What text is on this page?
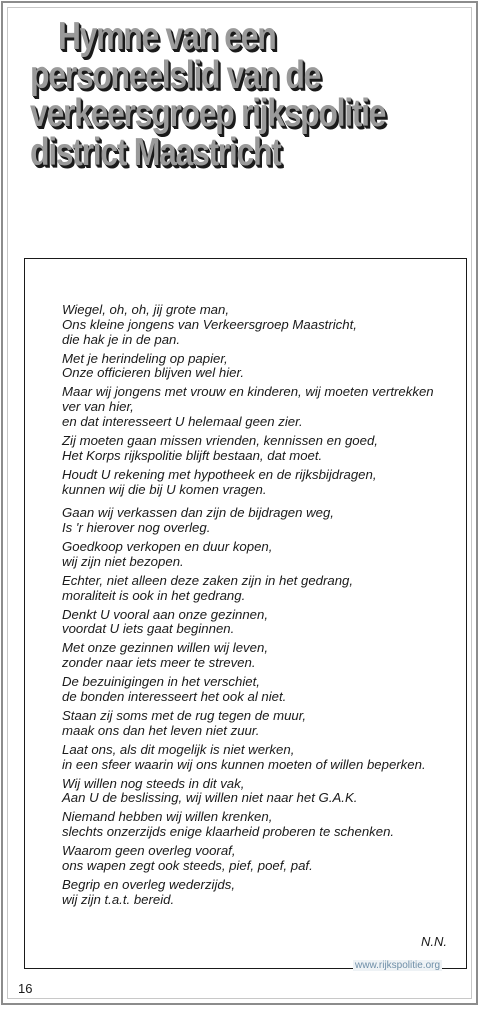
Hymne van een
personeelslid van de
verkeersgroep rijkspolitie
district Maastricht

Wiegel, oh, oh, jij grote man,
Ons kleine jongens van Verkeersgroep Maastricht,
die hak je in de pan.

Met je herindeling op papier,
Onze officieren blijven wel hier.

Maar wij jongens met vrouw en kinderen, wij moeten vertrekken
ver van hier,
en dat interesseert U helemaal geen zier.

Zij moeten gaan missen vrienden, kennissen en goed,
Het Korps rijkspolitie blijft bestaan, dat moet.

Houdt U rekening met hypotheek en de rijksbijdragen,
kunnen wij die bij U komen vragen.

Gaan wij verkassen dan zijn de bijdragen weg,
Is 'r hierover nog overleg.

Goedkoop verkopen en duur kopen,
wij zijn niet bezopen.

Echter, niet alleen deze zaken zijn in het gedrang,
moraliteit is ook in het gedrang.

Denkt U vooral aan onze gezinnen,
voordat U iets gaat beginnen.

Met onze gezinnen willen wij leven,
zonder naar iets meer te streven.

De bezuinigingen in het verschiet,
de bonden interesseert het ook al niet.

Staan zij soms met de rug tegen de muur,
maak ons dan het leven niet zuur.

Laat ons, als dit mogelijk is niet werken,
in een sfeer waarin wij ons kunnen moeten of willen beperken.

Wij willen nog steeds in dit vak,
Aan U de beslissing, wij willen niet naar het G.A.K.

Niemand hebben wij willen krenken,
slechts onzerzijds enige klaarheid proberen te schenken.

Waarom geen overleg vooraf,
ons wapen zegt ook steeds, pief, poef, paf.

Begrip en overleg wederzijds,
wij zijn t.a.t. bereid.

N.N.
www.rijkspolitie.org
16
